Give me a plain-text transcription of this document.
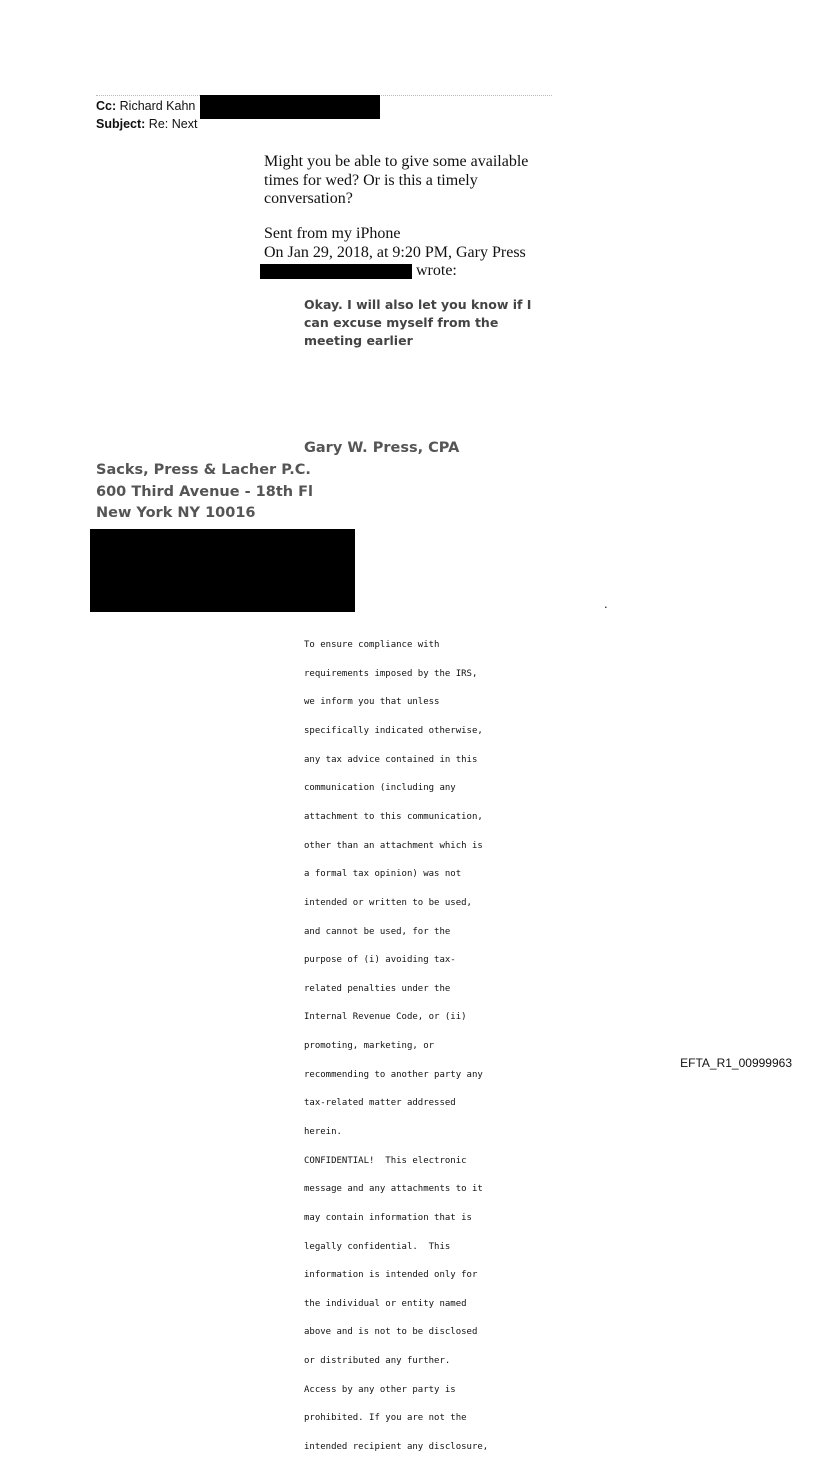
Cc: Richard Kahn
Subject: Re: Next
Might you be able to give some available
times for wed? Or is this a timely
conversation?
Sent from my iPhone
On Jan 29, 2018, at 9:20 PM, Gary Press
wrote:
Okay. I will also let you know if I
can excuse myself from the
meeting earlier
Gary W. Press, CPA
Sacks, Press & Lacher P.C.
600 Third Avenue - 18th Fl
New York NY 10016
.

To ensure compliance with

requirements imposed by the IRS,

we inform you that unless

specifically indicated otherwise,

any tax advice contained in this

communication (including any

attachment to this communication,

other than an attachment which is

a formal tax opinion) was not

intended or written to be used,

and cannot be used, for the

purpose of (i) avoiding tax-

related penalties under the

Internal Revenue Code, or (ii)

promoting, marketing, or

recommending to another party any

tax-related matter addressed

herein.

CONFIDENTIAL!  This electronic

message and any attachments to it

may contain information that is

legally confidential.  This

information is intended only for

the individual or entity named

above and is not to be disclosed

or distributed any further.

Access by any other party is

prohibited. If you are not the

intended recipient any disclosure,

EFTA_R1_00999963
